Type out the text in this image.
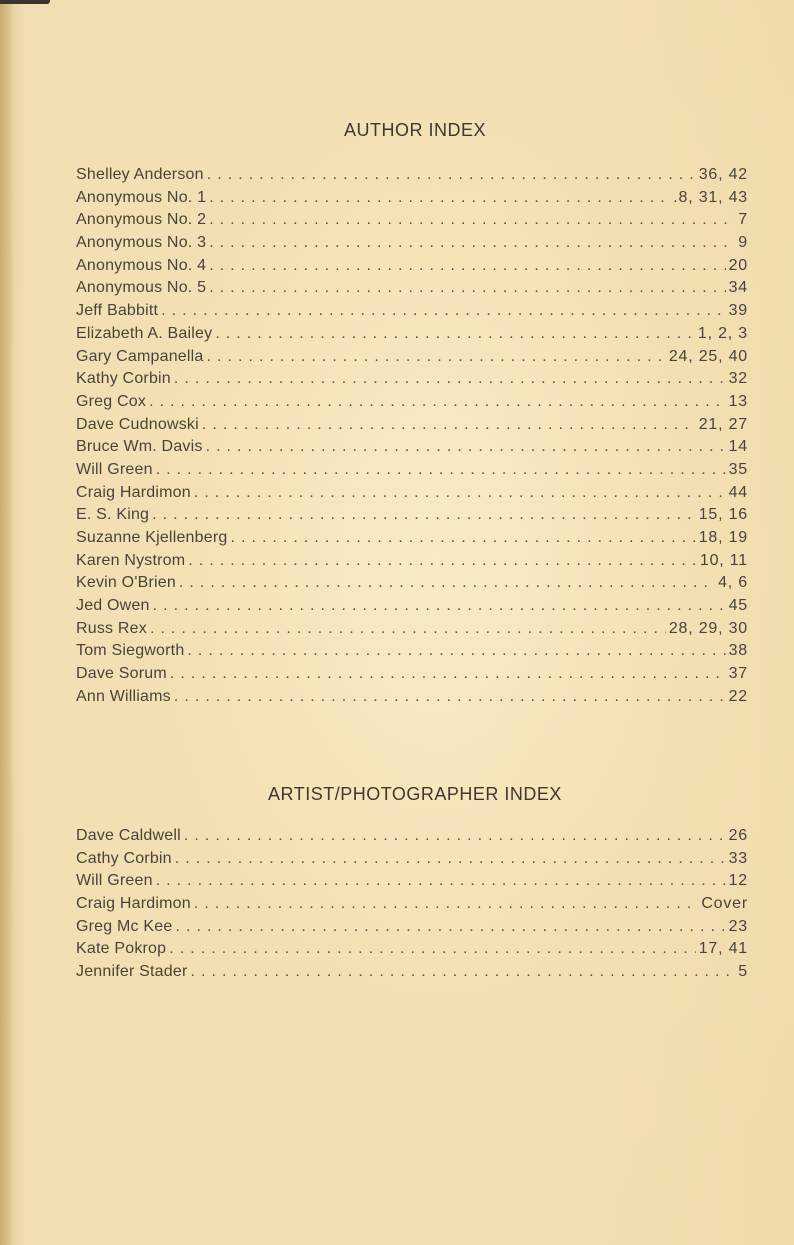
AUTHOR INDEX
Shelley Anderson . . .	36, 42
Anonymous No. 1 . . .	.8, 31, 43
Anonymous No. 2 . . .	7
Anonymous No. 3 . . .	9
Anonymous No. 4 . . .	20
Anonymous No. 5 . . .	34
Jeff Babbitt . . .	39
Elizabeth A. Bailey . . .	1, 2, 3
Gary Campanella . . .	24, 25, 40
Kathy Corbin . . .	32
Greg Cox . . .	13
Dave Cudnowski . . .	21, 27
Bruce Wm. Davis . . .	14
Will Green . . .	35
Craig Hardimon . . .	44
E. S. King . . .	15, 16
Suzanne Kjellenberg . . .	18, 19
Karen Nystrom . . .	10, 11
Kevin O'Brien . . .	4, 6
Jed Owen . . .	45
Russ Rex . . .	28, 29, 30
Tom Siegworth . . .	38
Dave Sorum . . .	37
Ann Williams . . .	22
ARTIST/PHOTOGRAPHER INDEX
Dave Caldwell . . .	26
Cathy Corbin . . .	33
Will Green . . .	12
Craig Hardimon . . .	Cover
Greg Mc Kee . . .	23
Kate Pokrop . . .	17, 41
Jennifer Stader . . .	5
